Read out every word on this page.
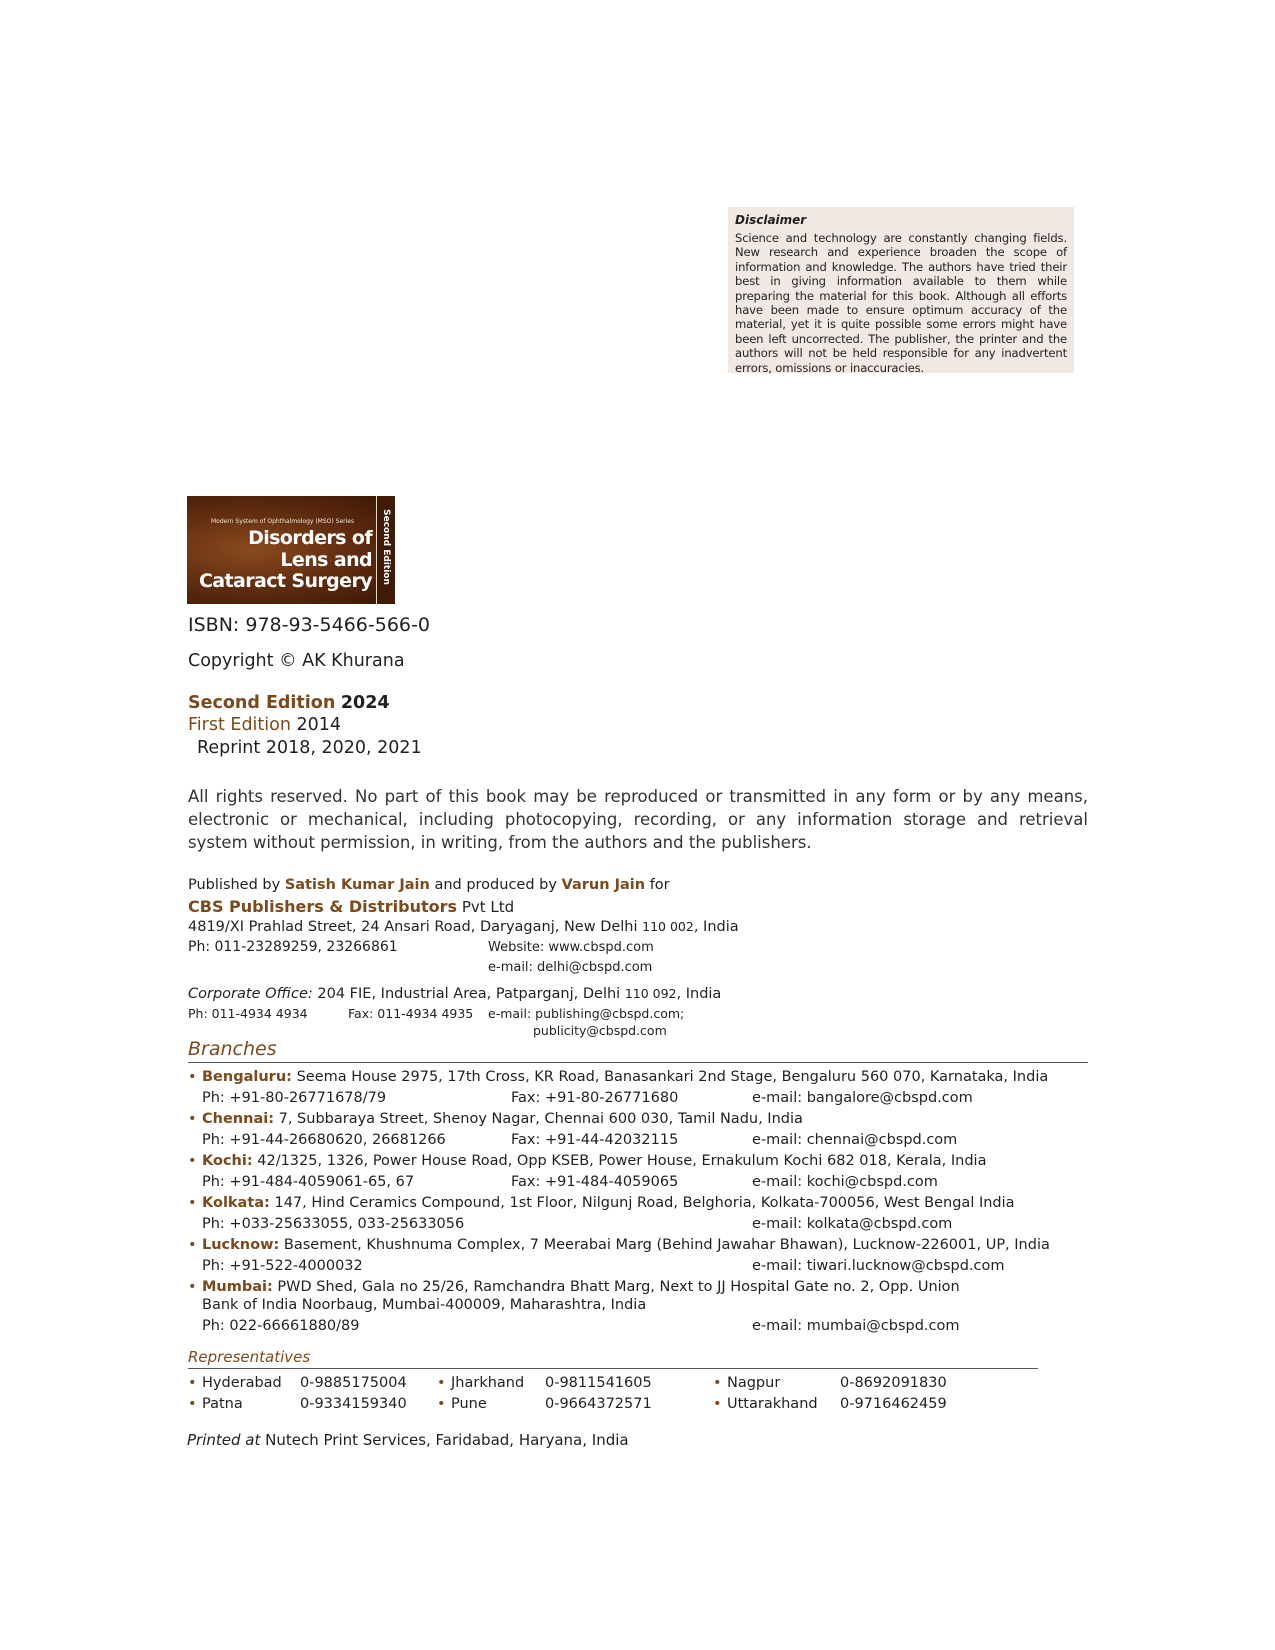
Disclaimer
Science and technology are constantly changing fields. New research and experience broaden the scope of information and knowledge. The authors have tried their best in giving information available to them while preparing the material for this book. Although all efforts have been made to ensure optimum accuracy of the material, yet it is quite possible some errors might have been left uncorrected. The publisher, the printer and the authors will not be held responsible for any inadvertent errors, omissions or inaccuracies.
Modern System of Ophthalmology (MSO) Series
Disorders of
Lens and
Cataract Surgery Second Edition
ISBN: 978-93-5466-566-0
Copyright © AK Khurana
Second Edition 2024
First Edition 2014
Reprint 2018, 2020, 2021
All rights reserved. No part of this book may be reproduced or transmitted in any form or by any means, electronic or mechanical, including photocopying, recording, or any information storage and retrieval system without permission, in writing, from the authors and the publishers.
Published by Satish Kumar Jain and produced by Varun Jain for
CBS Publishers & Distributors Pvt Ltd
4819/XI Prahlad Street, 24 Ansari Road, Daryaganj, New Delhi 110 002, India
Ph: 011-23289259, 23266861	Website: www.cbspd.com
e-mail: delhi@cbspd.com
Corporate Office: 204 FIE, Industrial Area, Patparganj, Delhi 110 092, India
Ph: 011-4934 4934	Fax: 011-4934 4935 e-mail: publishing@cbspd.com;
publicity@cbspd.com
Branches
• Bengaluru: Seema House 2975, 17th Cross, KR Road, Banasankari 2nd Stage, Bengaluru 560 070, Karnataka, India
Ph: +91-80-26771678/79	Fax: +91-80-26771680	e-mail: bangalore@cbspd.com
• Chennai: 7, Subbaraya Street, Shenoy Nagar, Chennai 600 030, Tamil Nadu, India
Ph: +91-44-26680620, 26681266	Fax: +91-44-42032115	e-mail: chennai@cbspd.com
• Kochi: 42/1325, 1326, Power House Road, Opp KSEB, Power House, Ernakulum Kochi 682 018, Kerala, India
Ph: +91-484-4059061-65, 67	Fax: +91-484-4059065	e-mail: kochi@cbspd.com
• Kolkata: 147, Hind Ceramics Compound, 1st Floor, Nilgunj Road, Belghoria, Kolkata-700056, West Bengal India
Ph: +033-25633055, 033-25633056	e-mail: kolkata@cbspd.com
• Lucknow: Basement, Khushnuma Complex, 7 Meerabai Marg (Behind Jawahar Bhawan), Lucknow-226001, UP, India
Ph: +91-522-4000032	e-mail: tiwari.lucknow@cbspd.com
• Mumbai: PWD Shed, Gala no 25/26, Ramchandra Bhatt Marg, Next to JJ Hospital Gate no. 2, Opp. Union
Bank of India Noorbaug, Mumbai-400009, Maharashtra, India
Ph: 022-66661880/89	e-mail: mumbai@cbspd.com
Representatives
• Hyderabad 0-9885175004 • Jharkhand 0-9811541605	• Nagpur	0-8692091830
• Patna	0-9334159340 • Pune	0-9664372571	• Uttarakhand 0-9716462459
Printed at Nutech Print Services, Faridabad, Haryana, India
